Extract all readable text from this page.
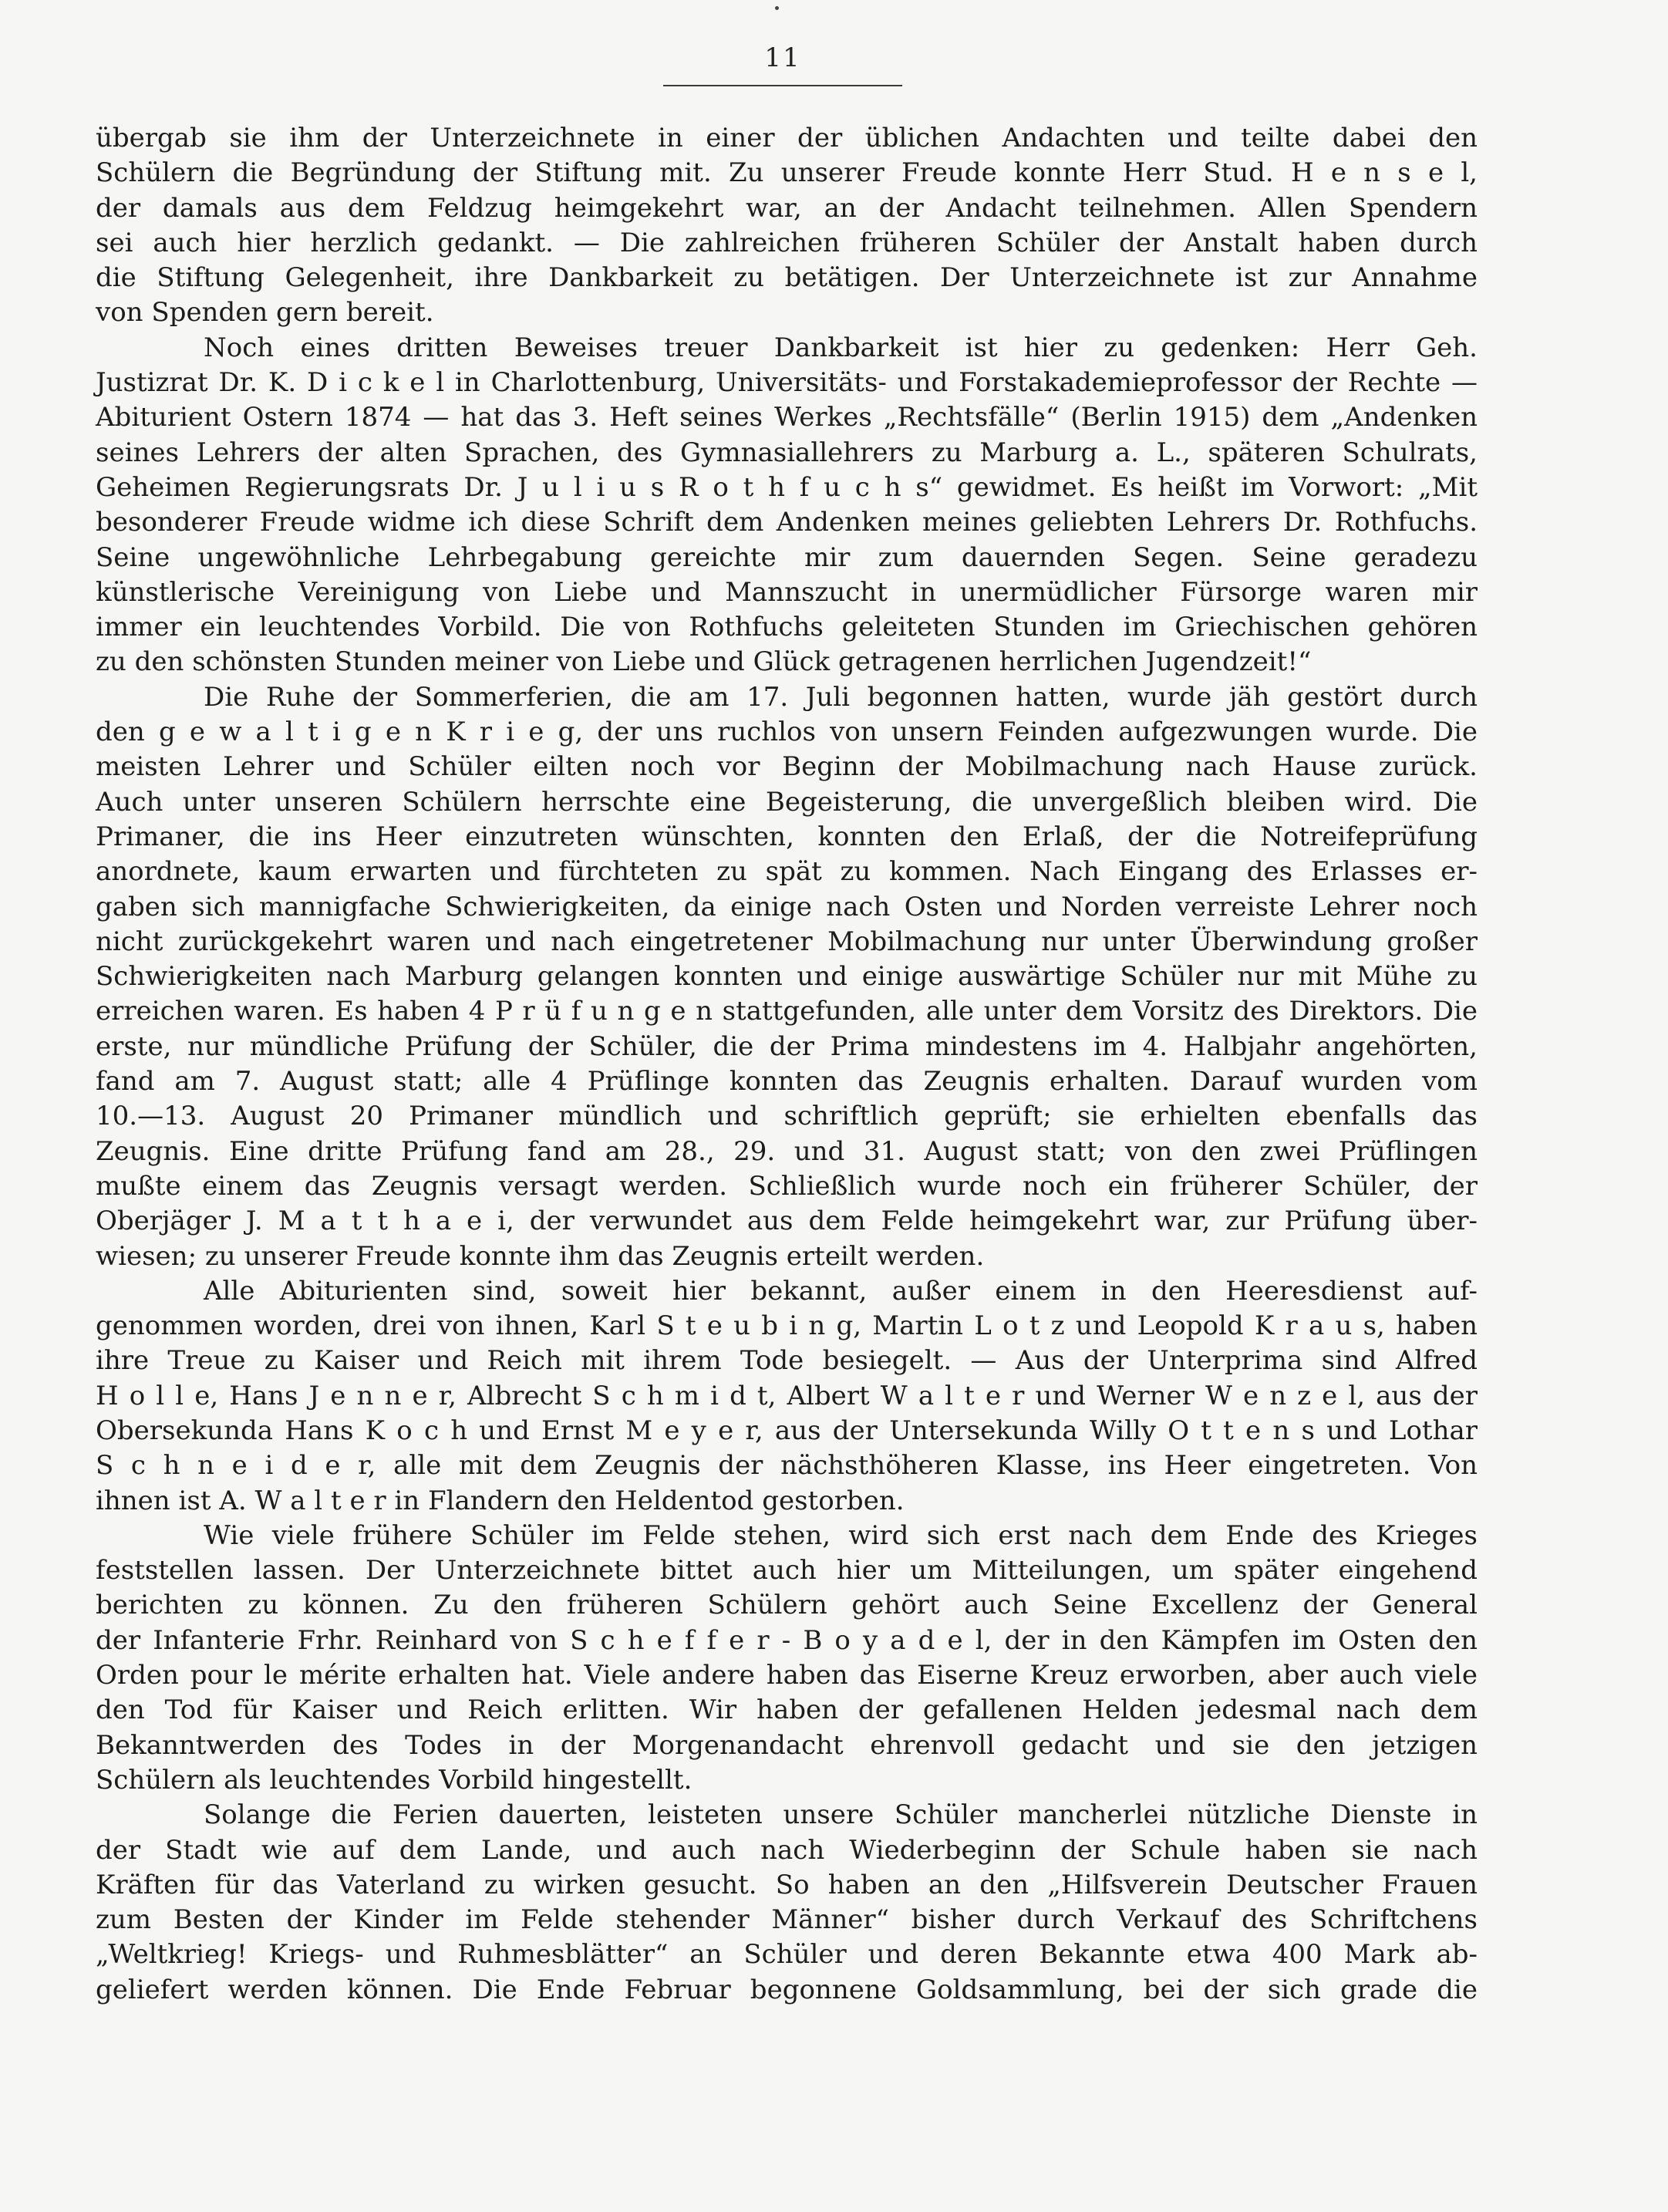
11
übergab sie ihm der Unterzeichnete in einer der üblichen Andachten und teilte dabei den
Schülern die Begründung der Stiftung mit. Zu unserer Freude konnte Herr Stud. H e n s e l,
der damals aus dem Feldzug heimgekehrt war, an der Andacht teilnehmen. Allen Spendern
sei auch hier herzlich gedankt. — Die zahlreichen früheren Schüler der Anstalt haben durch
die Stiftung Gelegenheit, ihre Dankbarkeit zu betätigen. Der Unterzeichnete ist zur Annahme
von Spenden gern bereit.
Noch eines dritten Beweises treuer Dankbarkeit ist hier zu gedenken: Herr Geh.
Justizrat Dr. K. D i c k e l in Charlottenburg, Universitäts- und Forstakademieprofessor der Rechte —
Abiturient Ostern 1874 — hat das 3. Heft seines Werkes „Rechtsfälle“ (Berlin 1915) dem „Andenken
seines Lehrers der alten Sprachen, des Gymnasiallehrers zu Marburg a. L., späteren Schulrats,
Geheimen Regierungsrats Dr. J u l i u s R o t h f u c h s“ gewidmet. Es heißt im Vorwort: „Mit
besonderer Freude widme ich diese Schrift dem Andenken meines geliebten Lehrers Dr. Rothfuchs.
Seine ungewöhnliche Lehrbegabung gereichte mir zum dauernden Segen. Seine geradezu
künstlerische Vereinigung von Liebe und Mannszucht in unermüdlicher Fürsorge waren mir
immer ein leuchtendes Vorbild. Die von Rothfuchs geleiteten Stunden im Griechischen gehören
zu den schönsten Stunden meiner von Liebe und Glück getragenen herrlichen Jugendzeit!“
Die Ruhe der Sommerferien, die am 17. Juli begonnen hatten, wurde jäh gestört durch
den g e w a l t i g e n K r i e g, der uns ruchlos von unsern Feinden aufgezwungen wurde. Die
meisten Lehrer und Schüler eilten noch vor Beginn der Mobilmachung nach Hause zurück.
Auch unter unseren Schülern herrschte eine Begeisterung, die unvergeßlich bleiben wird. Die
Primaner, die ins Heer einzutreten wünschten, konnten den Erlaß, der die Notreifeprüfung
anordnete, kaum erwarten und fürchteten zu spät zu kommen. Nach Eingang des Erlasses er-
gaben sich mannigfache Schwierigkeiten, da einige nach Osten und Norden verreiste Lehrer noch
nicht zurückgekehrt waren und nach eingetretener Mobilmachung nur unter Überwindung großer
Schwierigkeiten nach Marburg gelangen konnten und einige auswärtige Schüler nur mit Mühe zu
erreichen waren. Es haben 4 P r ü f u n g e n stattgefunden, alle unter dem Vorsitz des Direktors. Die
erste, nur mündliche Prüfung der Schüler, die der Prima mindestens im 4. Halbjahr angehörten,
fand am 7. August statt; alle 4 Prüflinge konnten das Zeugnis erhalten. Darauf wurden vom
10.—13. August 20 Primaner mündlich und schriftlich geprüft; sie erhielten ebenfalls das
Zeugnis. Eine dritte Prüfung fand am 28., 29. und 31. August statt; von den zwei Prüflingen
mußte einem das Zeugnis versagt werden. Schließlich wurde noch ein früherer Schüler, der
Oberjäger J. M a t t h a e i, der verwundet aus dem Felde heimgekehrt war, zur Prüfung über-
wiesen; zu unserer Freude konnte ihm das Zeugnis erteilt werden.
Alle Abiturienten sind, soweit hier bekannt, außer einem in den Heeresdienst auf-
genommen worden, drei von ihnen, Karl S t e u b i n g, Martin L o t z und Leopold K r a u s, haben
ihre Treue zu Kaiser und Reich mit ihrem Tode besiegelt. — Aus der Unterprima sind Alfred
H o l l e, Hans J e n n e r, Albrecht S c h m i d t, Albert W a l t e r und Werner W e n z e l, aus der
Obersekunda Hans K o c h und Ernst M e y e r, aus der Untersekunda Willy O t t e n s und Lothar
S c h n e i d e r, alle mit dem Zeugnis der nächsthöheren Klasse, ins Heer eingetreten. Von
ihnen ist A. W a l t e r in Flandern den Heldentod gestorben.
Wie viele frühere Schüler im Felde stehen, wird sich erst nach dem Ende des Krieges
feststellen lassen. Der Unterzeichnete bittet auch hier um Mitteilungen, um später eingehend
berichten zu können. Zu den früheren Schülern gehört auch Seine Excellenz der General
der Infanterie Frhr. Reinhard von S c h e f f e r - B o y a d e l, der in den Kämpfen im Osten den
Orden pour le mérite erhalten hat. Viele andere haben das Eiserne Kreuz erworben, aber auch viele
den Tod für Kaiser und Reich erlitten. Wir haben der gefallenen Helden jedesmal nach dem
Bekanntwerden des Todes in der Morgenandacht ehrenvoll gedacht und sie den jetzigen
Schülern als leuchtendes Vorbild hingestellt.
Solange die Ferien dauerten, leisteten unsere Schüler mancherlei nützliche Dienste in
der Stadt wie auf dem Lande, und auch nach Wiederbeginn der Schule haben sie nach
Kräften für das Vaterland zu wirken gesucht. So haben an den „Hilfsverein Deutscher Frauen
zum Besten der Kinder im Felde stehender Männer“ bisher durch Verkauf des Schriftchens
„Weltkrieg! Kriegs- und Ruhmesblätter“ an Schüler und deren Bekannte etwa 400 Mark ab-
geliefert werden können. Die Ende Februar begonnene Goldsammlung, bei der sich grade die
